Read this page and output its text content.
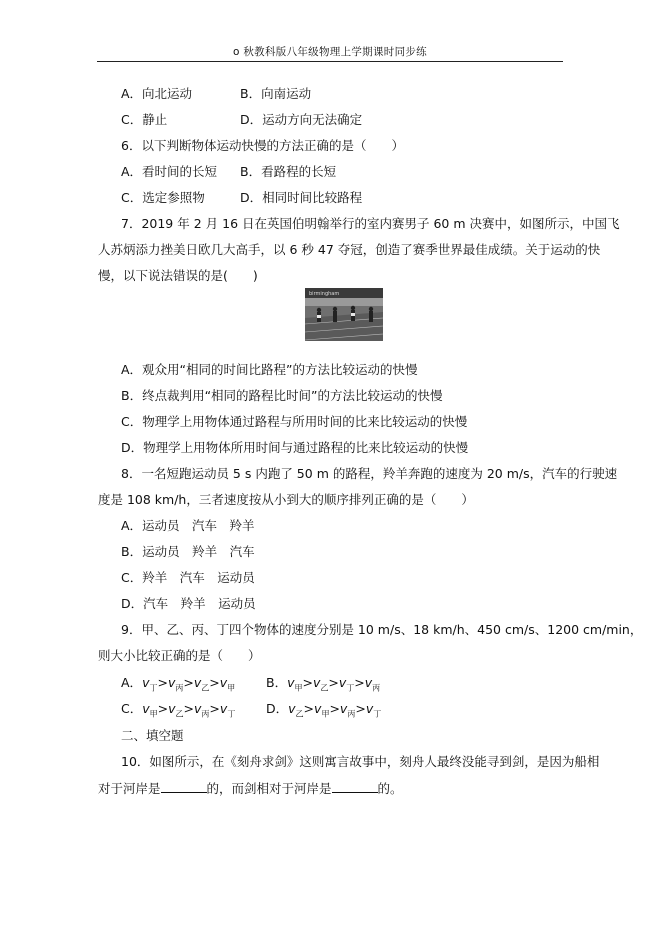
o 秋教科版八年级物理上学期课时同步练
A．向北运动	B．向南运动
C．静止	D．运动方向无法确定
6．以下判断物体运动快慢的方法正确的是（　　）
A．看时间的长短 B．看路程的长短
C．选定参照物	D．相同时间比较路程
7．2019 年 2 月 16 日在英国伯明翰举行的室内赛男子 60 m 决赛中，如图所示，中国飞
人苏炳添力挫美日欧几大高手，以 6 秒 47 夺冠，创造了赛季世界最佳成绩。关于运动的快
慢，以下说法错误的是(　　)
birmingham
A．观众用“相同的时间比路程”的方法比较运动的快慢
B．终点裁判用“相同的路程比时间”的方法比较运动的快慢
C．物理学上用物体通过路程与所用时间的比来比较运动的快慢
D．物理学上用物体所用时间与通过路程的比来比较运动的快慢
8．一名短跑运动员 5 s 内跑了 50 m 的路程，羚羊奔跑的速度为 20 m/s，汽车的行驶速
度是 108 km/h，三者速度按从小到大的顺序排列正确的是（　　）
A．运动员　汽车　羚羊
B．运动员　羚羊　汽车
C．羚羊　汽车　运动员
D．汽车　羚羊　运动员
9．甲、乙、丙、丁四个物体的速度分别是 10 m/s、18 km/h、450 cm/s、1200 cm/min，
则大小比较正确的是（　　）
A．$v_丁>v_丙>v_乙>v_甲$ B．$v_甲>v_乙>v_丁>v_丙$
C．$v_甲>v_乙>v_丙>v_丁$ D．$v_乙>v_甲>v_丙>v_丁$
二、填空题
10．如图所示，在《刻舟求剑》这则寓言故事中，刻舟人最终没能寻到剑，是因为船相
对于河岸是	的，而剑相对于河岸是	的。
